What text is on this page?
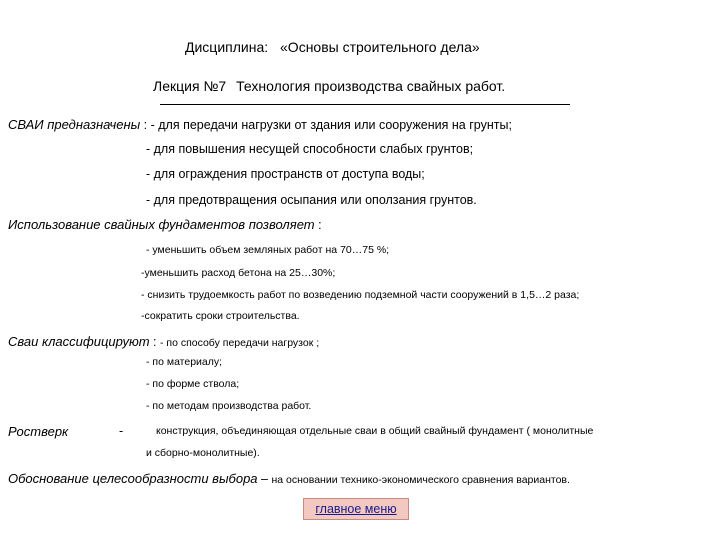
Дисциплина: «Основы строительного дела»
Лекция №7 Технология производства свайных работ.
СВАИ предназначены : - для передачи нагрузки от здания или сооружения на грунты;
- для повышения несущей способности слабых грунтов;
- для ограждения пространств от доступа воды;
- для предотвращения осыпания или оползания грунтов.
Использование свайных фундаментов позволяет :
- уменьшить объем земляных работ на 70…75 %;
-уменьшить расход бетона на 25…30%;
- снизить трудоемкость работ по возведению подземной части сооружений в 1,5…2 раза;
-сократить сроки строительства.
Сваи классифицируют : - по способу передачи нагрузок ;
- по материалу;
- по форме ствола;
- по методам производства работ.
Ростверк	-	конструкция, объединяющая отдельные сваи в общий свайный фундамент ( монолитные
и сборно-монолитные).
Обоснование целесообразности выбора – на основании технико-экономического сравнения вариантов.
главное меню
